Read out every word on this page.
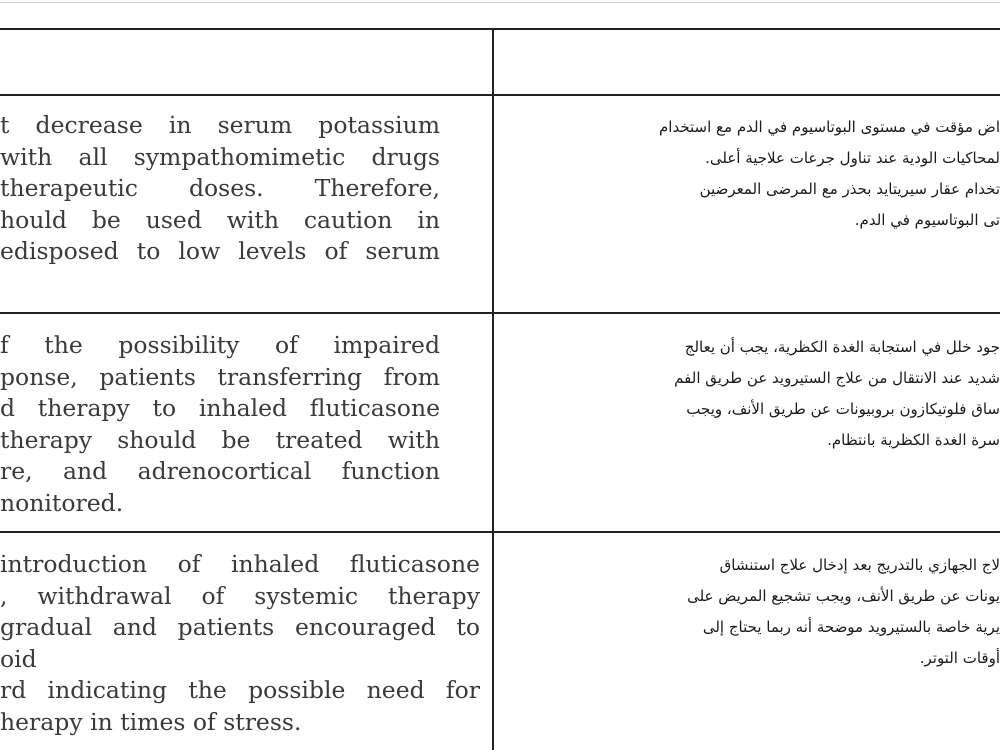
t decrease in serum potassium

with all sympathomimetic drugs

therapeutic doses. Therefore,

hould be used with caution in

edisposed to low levels of serum

اض مؤقت في مستوى البوتاسيوم في الدم مع استخدام

لمحاكيات الودية عند تناول جرعات علاجية أعلى.

تخدام عقار سيريتايد بحذر مع المرضى المعرضين

تى البوتاسيوم في الدم.

f the possibility of impaired

ponse, patients transferring from

d therapy to inhaled fluticasone

therapy should be treated with

re, and adrenocortical function

nonitored.

جود خلل في استجابة الغدة الكظرية، يجب أن يعالج

شديد عند الانتقال من علاج الستيرويد عن طريق الفم

ساق فلوتيكازون بروبيونات عن طريق الأنف، ويجب

سرة الغدة الكظرية بانتظام.

introduction of inhaled fluticasone

, withdrawal of systemic therapy

gradual and patients encouraged to

oid

rd indicating the possible need for

herapy in times of stress.

لاج الجهازي بالتدريج بعد إدخال علاج استنشاق

يونات عن طريق الأنف، ويجب تشجيع المريض على

يرية خاصة بالستيرويد موضحة أنه ربما يحتاج إلى

أوقات التوتر.
